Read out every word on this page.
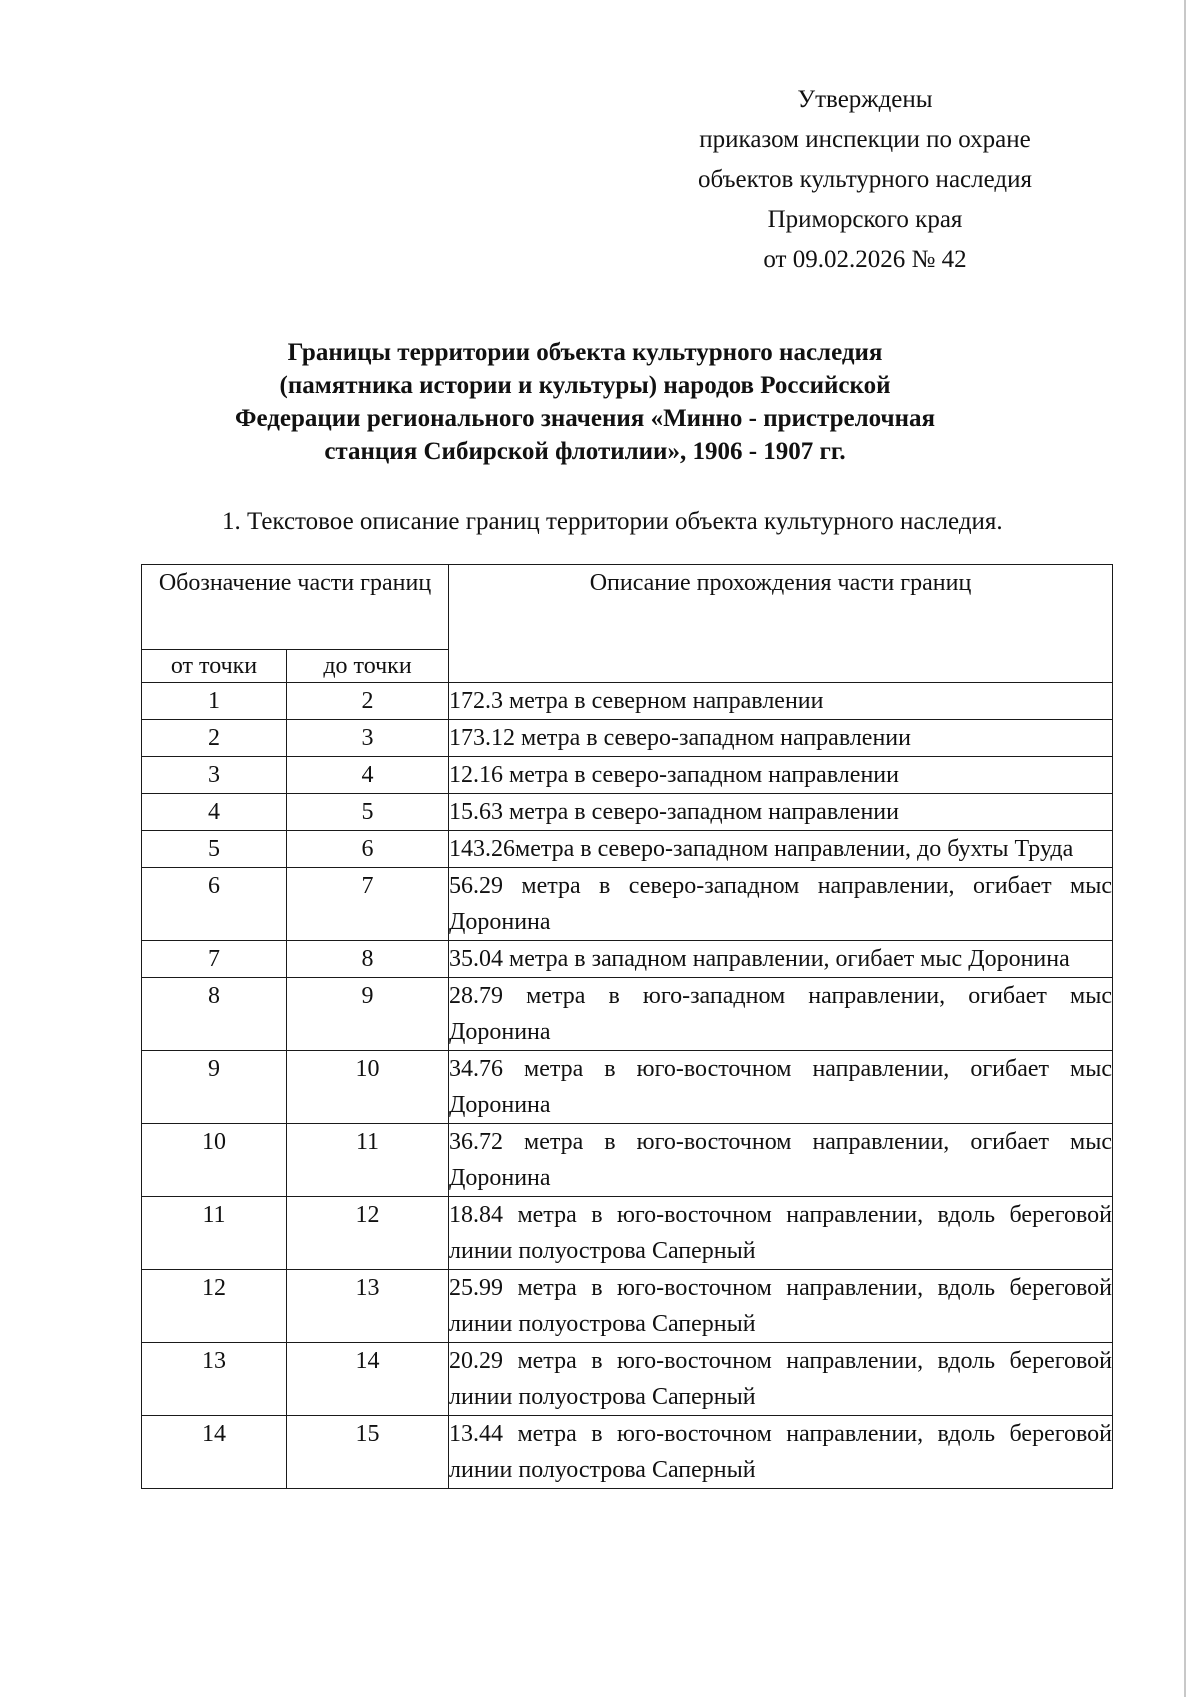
Утверждены
приказом инспекции по охране
объектов культурного наследия
Приморского края
от 09.02.2026 № 42
Границы территории объекта культурного наследия
(памятника истории и культуры) народов Российской
Федерации регионального значения «Минно - пристрелочная
станция Сибирской флотилии», 1906 - 1907 гг.
1. Текстовое описание границ территории объекта культурного наследия.
Обозначение части границ		Описание прохождения части границ
от точки	до точки	
1	2	172.3 метра в северном направлении
2	3	173.12 метра в северо-западном направлении
3	4	12.16 метра в северо-западном направлении
4	5	15.63 метра в северо-западном направлении
5	6	143.26метра в северо-западном направлении, до бухты Труда
6	7	56.29 метра в северо-западном направлении, огибает мыс Доронина
7	8	35.04 метра в западном направлении, огибает мыс Доронина
8	9	28.79 метра в юго-западном направлении, огибает мыс Доронина
9	10	34.76 метра в юго-восточном направлении, огибает мыс Доронина
10	11	36.72 метра в юго-восточном направлении, огибает мыс Доронина
11	12	18.84 метра в юго-восточном направлении, вдоль береговой линии полуострова Саперный
12	13	25.99 метра в юго-восточном направлении, вдоль береговой линии полуострова Саперный
13	14	20.29 метра в юго-восточном направлении, вдоль береговой линии полуострова Саперный
14	15	13.44 метра в юго-восточном направлении, вдоль береговой линии полуострова Саперный
